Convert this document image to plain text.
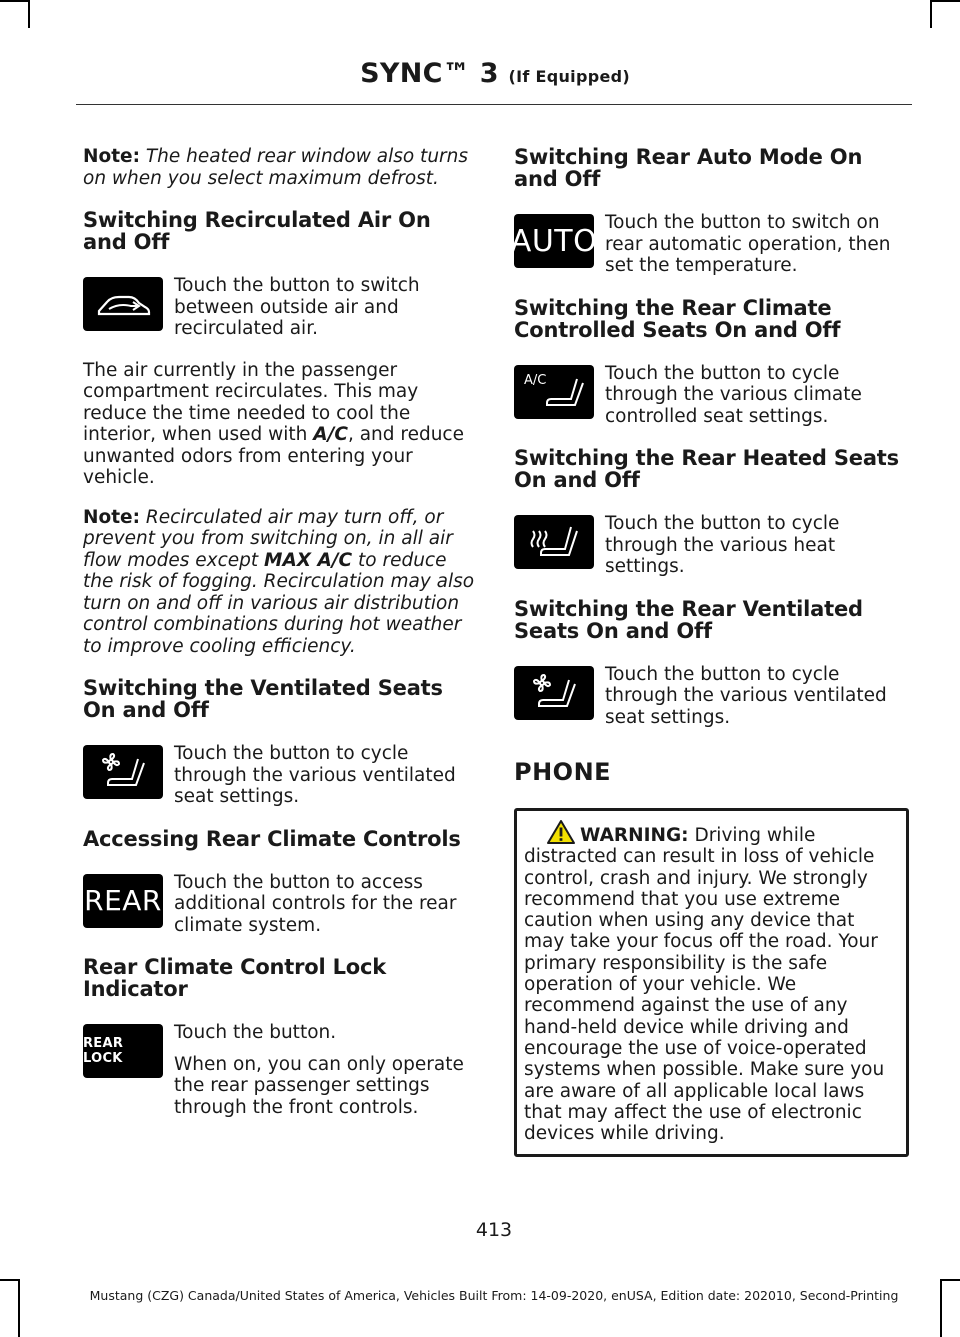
SYNC™ 3 (If Equipped)

Note: The heated rear window also turns on when you select maximum defrost.

Switching Recirculated Air On and Off

Touch the button to switch between outside air and recirculated air.

The air currently in the passenger compartment recirculates. This may reduce the time needed to cool the interior, when used with A/C, and reduce unwanted odors from entering your vehicle.

Note: Recirculated air may turn off, or prevent you from switching on, in all air flow modes except MAX A/C to reduce the risk of fogging. Recirculation may also turn on and off in various air distribution control combinations during hot weather to improve cooling efficiency.

Switching the Ventilated Seats On and Off

Touch the button to cycle through the various ventilated seat settings.

Accessing Rear Climate Controls
REAR

Touch the button to access additional controls for the rear climate system.

Rear Climate Control Lock Indicator
REAR LOCK

Touch the button.

When on, you can only operate the rear passenger settings through the front controls.

Switching Rear Auto Mode On and Off
AUTO

Touch the button to switch on rear automatic operation, then set the temperature.

Switching the Rear Climate Controlled Seats On and Off
A/C	Touch the button to cycle through the various climate controlled seat settings.

Switching the Rear Heated Seats On and Off

Touch the button to cycle through the various heat settings.

Switching the Rear Ventilated Seats On and Off

Touch the button to cycle through the various ventilated seat settings.

PHONE

WARNING: Driving while distracted can result in loss of vehicle control, crash and injury. We strongly recommend that you use extreme caution when using any device that may take your focus off the road. Your primary responsibility is the safe operation of your vehicle. We recommend against the use of any hand-held device while driving and encourage the use of voice-operated systems when possible. Make sure you are aware of all applicable local laws that may affect the use of electronic devices while driving.

413
Mustang (CZG) Canada/United States of America, Vehicles Built From: 14-09-2020, enUSA, Edition date: 202010, Second-Printing
